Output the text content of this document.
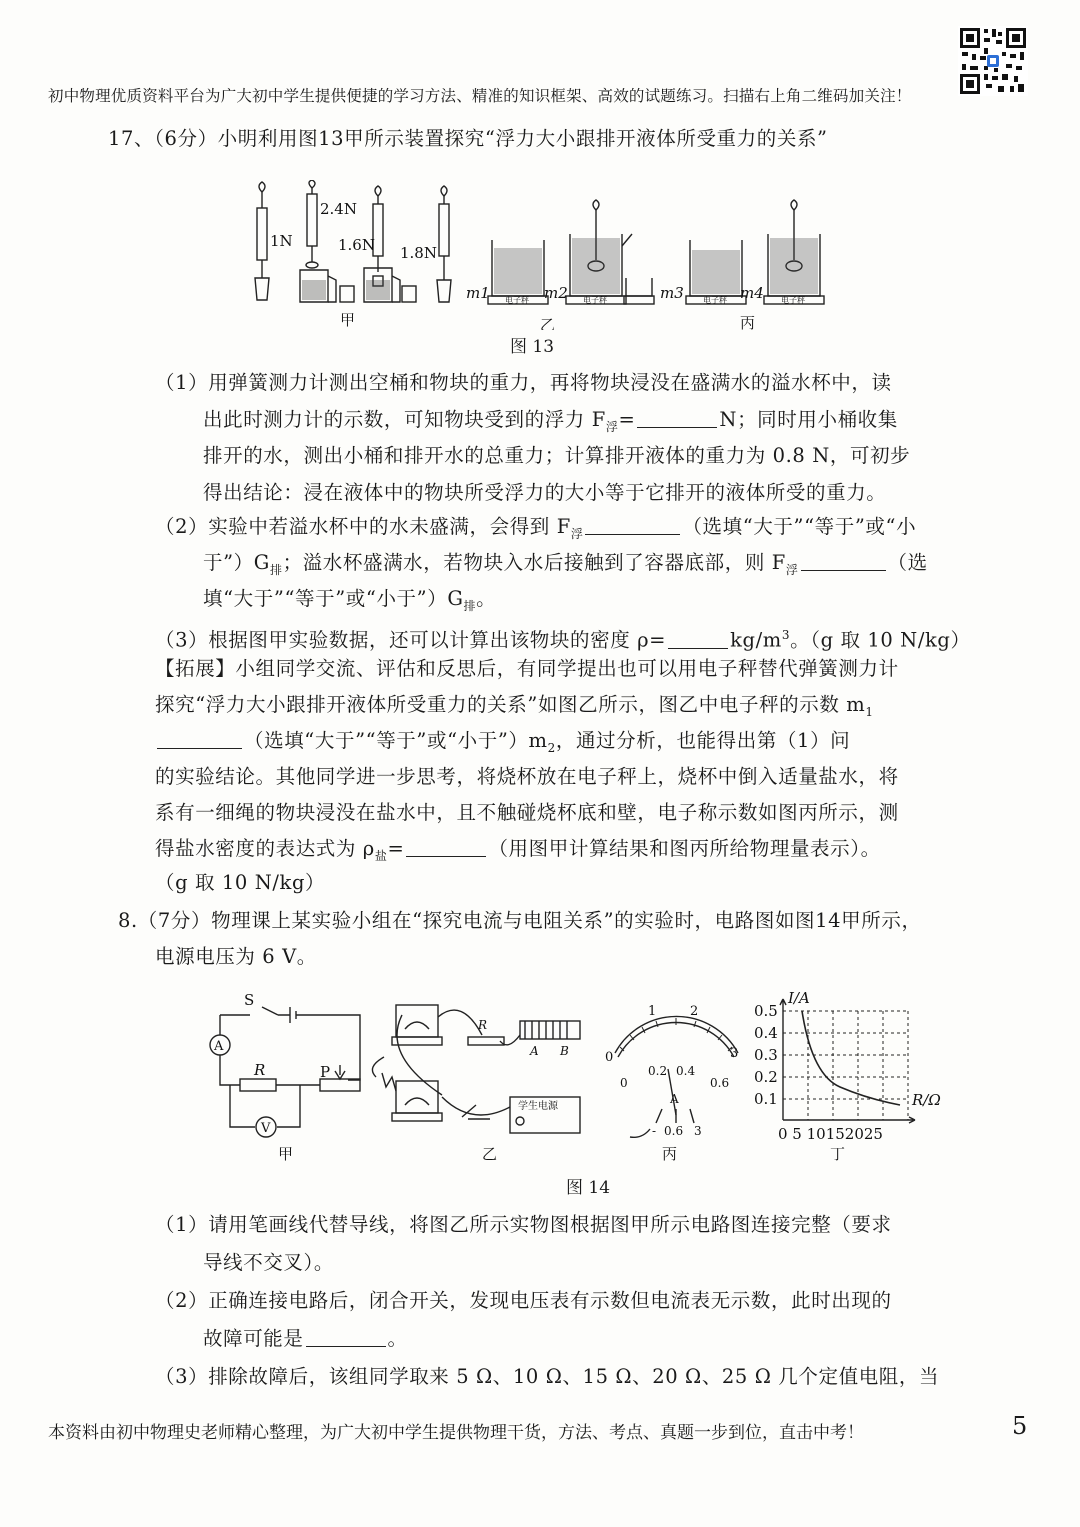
初中物理优质资料平台为广大初中学生提供便捷的学习方法、精准的知识框架、高效的试题练习。扫描右上角二维码加关注！
17、（6分）小明利用图13甲所示装置探究“浮力大小跟排开液体所受重力的关系”
1N
2.4N
1.6N 1.8N
m1	m2	m3	m4
甲	乙	丙
电子秤	电子秤	电子秤	电子秤
图 13
（1）用弹簧测力计测出空桶和物块的重力，再将物块浸没在盛满水的溢水杯中，读
出此时测力计的示数，可知物块受到的浮力 $F_浮=$	N；同时用小桶收集
排开的水，测出小桶和排开水的总重力；计算排开液体的重力为 0.8 N，可初步
得出结论：浸在液体中的物块所受浮力的大小等于它排开的液体所受的重力。
（2）实验中若溢水杯中的水未盛满，会得到 $F_浮$	（选填“大于”“等于”或“小
于$”)G_排$；溢水杯盛满水，若物块入水后接触到了容器底部，则 $F_浮$	（选
填“大于”“等于”或“小于$”)G_排$。
（3）根据图甲实验数据，还可以计算出该物块的密度 ρ=	$kg/m^3$。（g 取 10 N/kg）
【拓展】小组同学交流、评估和反思后，有同学提出也可以用电子秤替代弹簧测力计
探究“浮力大小跟排开液体所受重力的关系”如图乙所示，图乙中电子秤的示数 $m_1$
（选填“大于”“等于”或“小于$”)m_2$，通过分析，也能得出第（1）问
的实验结论。其他同学进一步思考，将烧杯放在电子秤上，烧杯中倒入适量盐水，将
系有一细绳的物块浸没在盐水中，且不触碰烧杯底和壁，电子称示数如图丙所示，测
得盐水密度的表达式为 $\rho_盐=$	（用图甲计算结果和图丙所给物理量表示）。
（g 取 10 N/kg）
8.（7分）物理课上某实验小组在“探究电流与电阻关系”的实验时，电路图如图14甲所示，
电源电压为 6 V。
S
A
R	P
V
R
A B
学生电源
0
1	2
3
0
0.2 0.4
0.6
A
- 0.6 3
I/A
R/Ω
0.5
0.4
0.3
0.2
0.1
0 5 10152025
甲	乙	丙	丁
图 14
（1）请用笔画线代替导线，将图乙所示实物图根据图甲所示电路图连接完整（要求
导线不交叉）。
（2）正确连接电路后，闭合开关，发现电压表有示数但电流表无示数，此时出现的
故障可能是	。
（3）排除故障后，该组同学取来 5 Ω、10 Ω、15 Ω、20 Ω、25 Ω 几个定值电阻，当
本资料由初中物理史老师精心整理，为广大初中学生提供物理干货，方法、考点、真题一步到位，直击中考！	5
